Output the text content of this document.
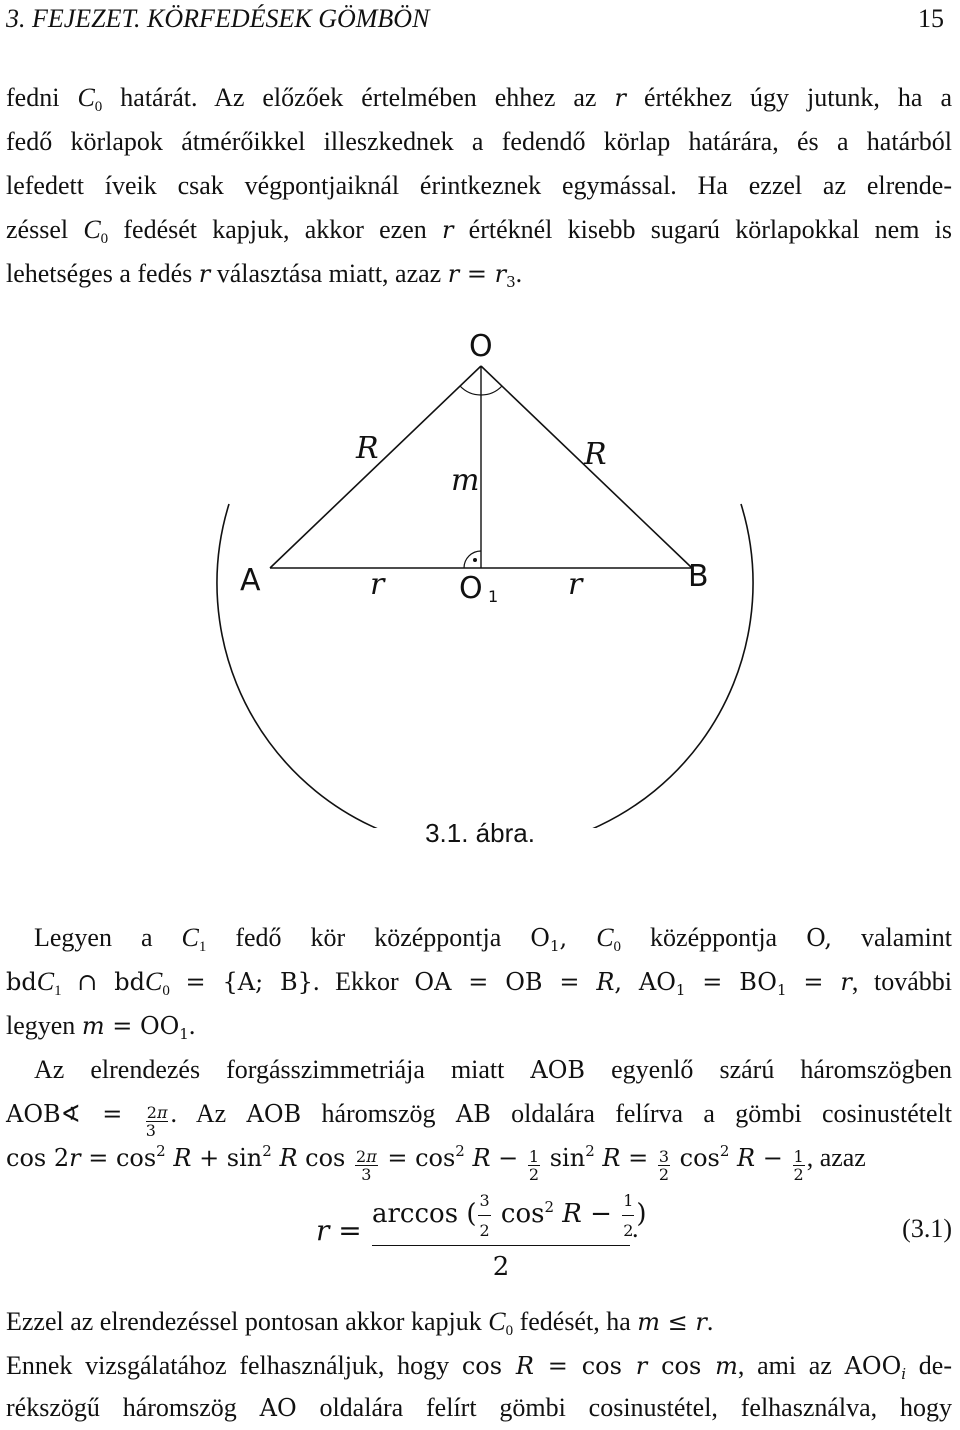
3. FEJEZET. KÖRFEDÉSEK GÖMBÖN	15

fedni $C_0$ határát. Az előzőek értelmében ehhez az r értékhez úgy jutunk, ha a

fedő körlapok átmérőikkel illeszkednek a fedendő körlap határára, és a határból

lefedett íveik csak végpontjaiknál érintkeznek egymással. Ha ezzel az elrende-

zéssel $C_0$ fedését kapjuk, akkor ezen r értéknél kisebb sugarú körlapokkal nem is

lehetséges a fedés r választása miatt, azaz $r = r_3$.

O
A	B
O 1
R	R
m
r	r
3.1. ábra.

Legyen a $C_1$ fedő kör középpontja $O_1$, $C_0$ középpontja O, valamint

bdC$_1$ ∩ bdC$_0$ = {A; B}. Ekkor OA = OB = R, $AO_1 = BO_1 = r$, további

legyen $m = OO_1$.

Az elrendezés forgásszimmetriája miatt AOB egyenlő szárú háromszögben

AOB∢ = $\frac{2\pi}{3}$ . Az AOB háromszög AB oldalára felírva a gömbi cosinustételt

$\cos 2r = \cos^2 R + \sin^2 R$ $\cos \frac{2\pi}{3} = \cos^2 R - \frac{1}{2} \sin^2 R = \frac{3}{2} \cos^2 R - \frac{1}{2}$ , azaz

$r = \frac{\arccos ( \frac{3}{2} \cos^2 R - \frac{1}{2} )}{2}$ .	(3.1)

Ezzel az elrendezéssel pontosan akkor kapjuk $C_0$ fedését, ha m ≤ r.

Ennek vizsgálatához felhasználjuk, hogy cos R = cos r cos m, ami az $AOO_i$ de-

rékszögű háromszög AO oldalára felírt gömbi cosinustétel, felhasználva, hogy
